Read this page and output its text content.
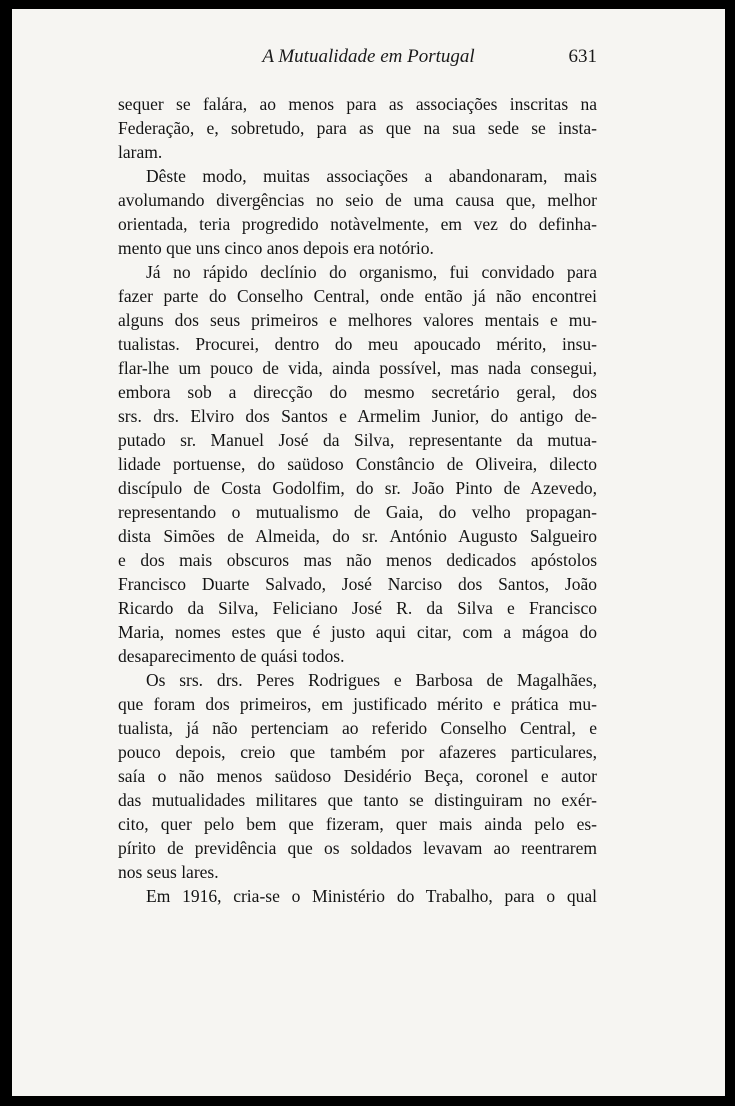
A Mutualidade em Portugal	631
sequer se falára, ao menos para as associações inscritas na
Federação, e, sobretudo, para as que na sua sede se insta-
laram.
Dêste modo, muitas associações a abandonaram, mais
avolumando divergências no seio de uma causa que, melhor
orientada, teria progredido notàvelmente, em vez do definha-
mento que uns cinco anos depois era notório.
Já no rápido declínio do organismo, fui convidado para
fazer parte do Conselho Central, onde então já não encontrei
alguns dos seus primeiros e melhores valores mentais e mu-
tualistas. Procurei, dentro do meu apoucado mérito, insu-
flar-lhe um pouco de vida, ainda possível, mas nada consegui,
embora sob a direcção do mesmo secretário geral, dos
srs. drs. Elviro dos Santos e Armelim Junior, do antigo de-
putado sr. Manuel José da Silva, representante da mutua-
lidade portuense, do saüdoso Constâncio de Oliveira, dilecto
discípulo de Costa Godolfim, do sr. João Pinto de Azevedo,
representando o mutualismo de Gaia, do velho propagan-
dista Simões de Almeida, do sr. António Augusto Salgueiro
e dos mais obscuros mas não menos dedicados apóstolos
Francisco Duarte Salvado, José Narciso dos Santos, João
Ricardo da Silva, Feliciano José R. da Silva e Francisco
Maria, nomes estes que é justo aqui citar, com a mágoa do
desaparecimento de quási todos.
Os srs. drs. Peres Rodrigues e Barbosa de Magalhães,
que foram dos primeiros, em justificado mérito e prática mu-
tualista, já não pertenciam ao referido Conselho Central, e
pouco depois, creio que também por afazeres particulares,
saía o não menos saüdoso Desidério Beça, coronel e autor
das mutualidades militares que tanto se distinguiram no exér-
cito, quer pelo bem que fizeram, quer mais ainda pelo es-
pírito de previdência que os soldados levavam ao reentrarem
nos seus lares.
Em 1916, cria-se o Ministério do Trabalho, para o qual
